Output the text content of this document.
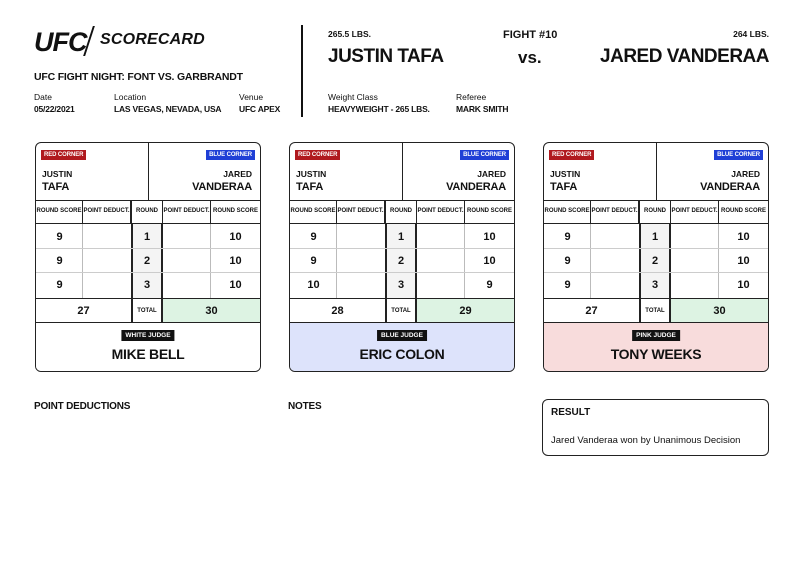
UFC SCORECARD
UFC FIGHT NIGHT: FONT VS. GARBRANDT
Date
05/22/2021
Location
LAS VEGAS, NEVADA, USA
Venue
UFC APEX
265.5 LBS.	FIGHT #10	264 LBS.
JUSTIN TAFA	vs.	JARED VANDERAA
Weight Class
HEAVYWEIGHT - 265 LBS.
Referee
MARK SMITH
RED CORNER	BLUE CORNER
JUSTIN
TAFA
JARED
VANDERAA
ROUND SCORE POINT DEDUCT.	ROUND POINT DEDUCT. ROUND SCORE
9	1	10
9	2	10
9	3	10
27	TOTAL	30
WHITE JUDGE
MIKE BELL
RED CORNER	BLUE CORNER
JUSTIN
TAFA
JARED
VANDERAA
ROUND SCORE POINT DEDUCT.	ROUND POINT DEDUCT. ROUND SCORE
9	1	10
9	2	10
10	3	9
28	TOTAL	29
BLUE JUDGE
ERIC COLON
RED CORNER	BLUE CORNER
JUSTIN
TAFA
JARED
VANDERAA
ROUND SCORE POINT DEDUCT.	ROUND POINT DEDUCT. ROUND SCORE
9	1	10
9	2	10
9	3	10
27	TOTAL	30
PINK JUDGE
TONY WEEKS
POINT DEDUCTIONS	NOTES
RESULT
Jared Vanderaa won by Unanimous Decision
